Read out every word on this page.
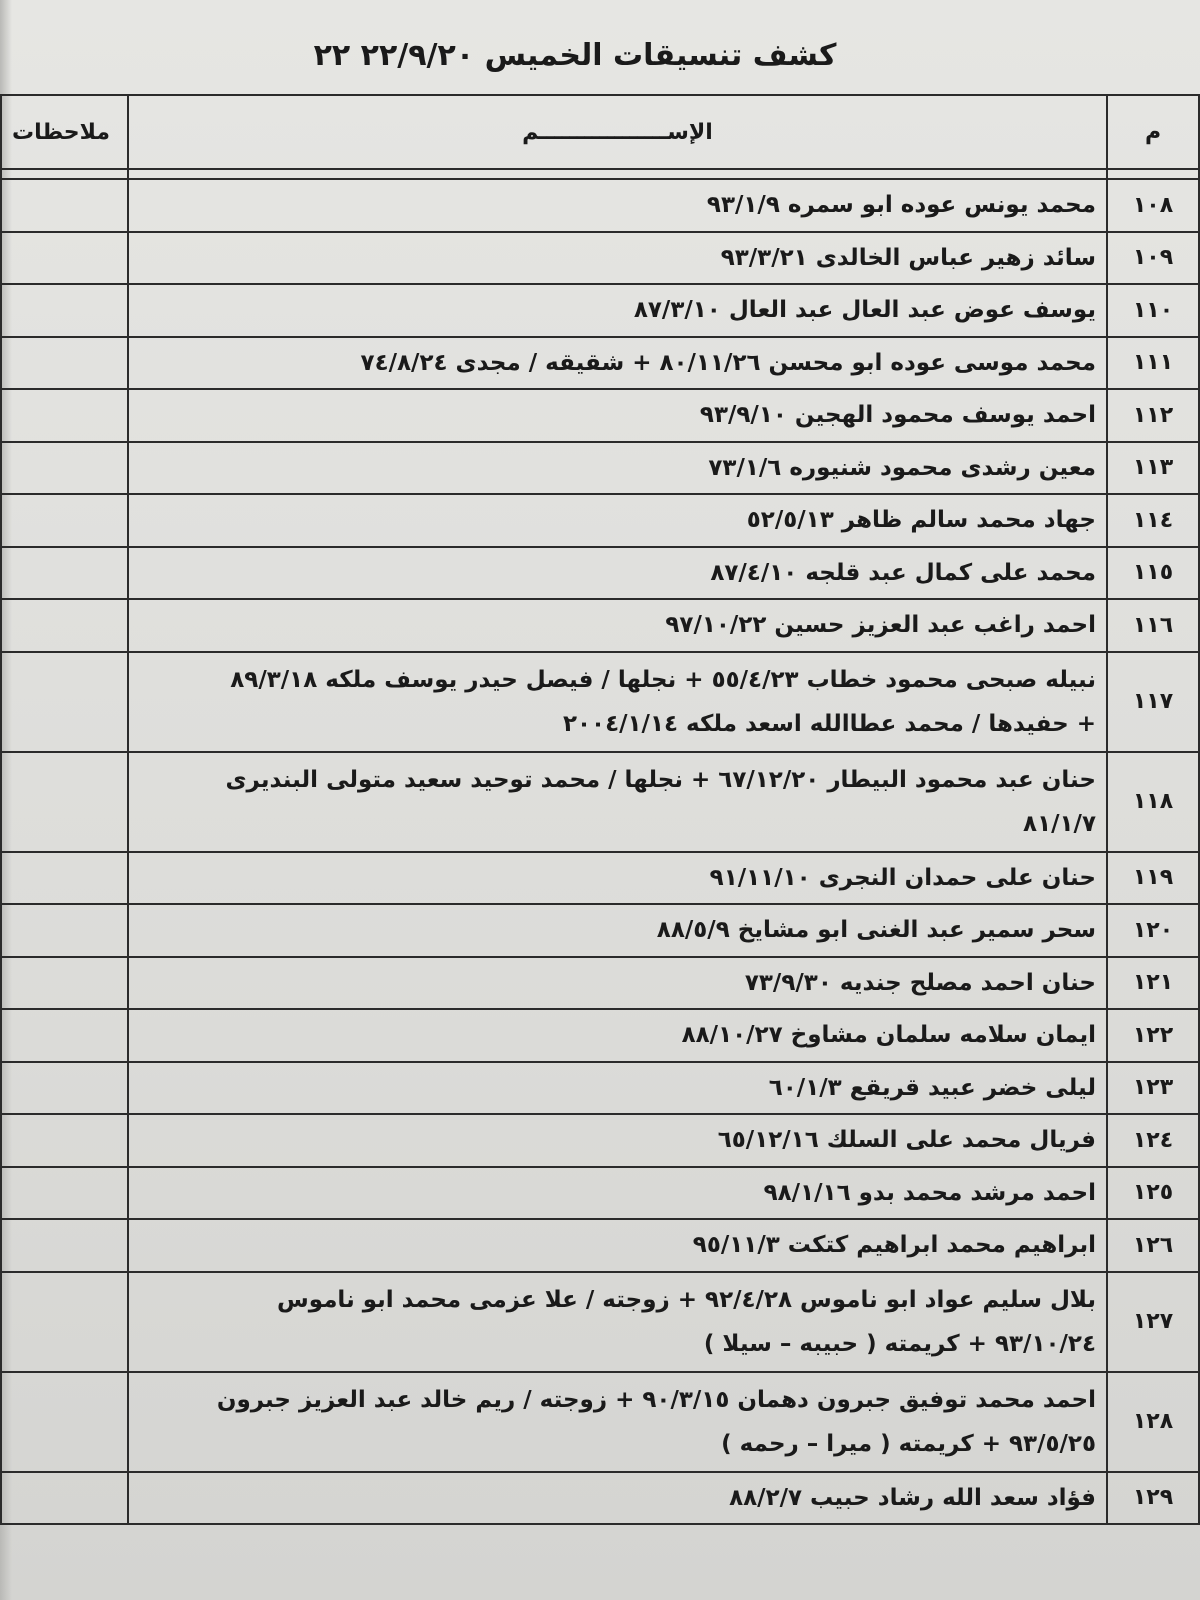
كشف تنسيقات الخميس ٢٢/٩/٢٠ ٢٢
م	الإســـــــــــــــــم	ملاحظات

١٠٨	محمد يونس عوده ابو سمره ٩٣/١/٩	
١٠٩	سائد زهير عباس الخالدى ٩٣/٣/٢١	
١١٠	يوسف عوض عبد العال عبد العال ٨٧/٣/١٠	
١١١	محمد موسى عوده ابو محسن ٨٠/١١/٢٦ + شقيقه / مجدى ٧٤/٨/٢٤	
١١٢	احمد يوسف محمود الهجين ٩٣/٩/١٠	
١١٣	معين رشدى محمود شنيوره ٧٣/١/٦	
١١٤	جهاد محمد سالم ظاهر ٥٢/٥/١٣	
١١٥	محمد على كمال عبد قلجه ٨٧/٤/١٠	
١١٦	احمد راغب عبد العزيز حسين ٩٧/١٠/٢٢	
١١٧	نبيله صبحى محمود خطاب ٥٥/٤/٢٣ + نجلها / فيصل حيدر يوسف ملكه ٨٩/٣/١٨
+ حفيدها / محمد عطاالله اسعد ملكه ٢٠٠٤/١/١٤	
١١٨	حنان عبد محمود البيطار ٦٧/١٢/٢٠ + نجلها / محمد توحيد سعيد متولى البنديرى
٨١/١/٧	
١١٩	حنان على حمدان النجرى ٩١/١١/١٠	
١٢٠	سحر سمير عبد الغنى ابو مشايخ ٨٨/٥/٩	
١٢١	حنان احمد مصلح جنديه ٧٣/٩/٣٠	
١٢٢	ايمان سلامه سلمان مشاوخ ٨٨/١٠/٢٧	
١٢٣	ليلى خضر عبيد قريقع ٦٠/١/٣	
١٢٤	فريال محمد على السلك ٦٥/١٢/١٦	
١٢٥	احمد مرشد محمد بدو ٩٨/١/١٦	
١٢٦	ابراهيم محمد ابراهيم كتكت ٩٥/١١/٣	
١٢٧	بلال سليم عواد ابو ناموس ٩٢/٤/٢٨ + زوجته / علا عزمى محمد ابو ناموس
٩٣/١٠/٢٤ + كريمته ( حبيبه – سيلا )	
١٢٨	احمد محمد توفيق جبرون دهمان ٩٠/٣/١٥ + زوجته / ريم خالد عبد العزيز جبرون
٩٣/٥/٢٥ + كريمته ( ميرا – رحمه )	
١٢٩	فؤاد سعد الله رشاد حبيب ٨٨/٢/٧	
